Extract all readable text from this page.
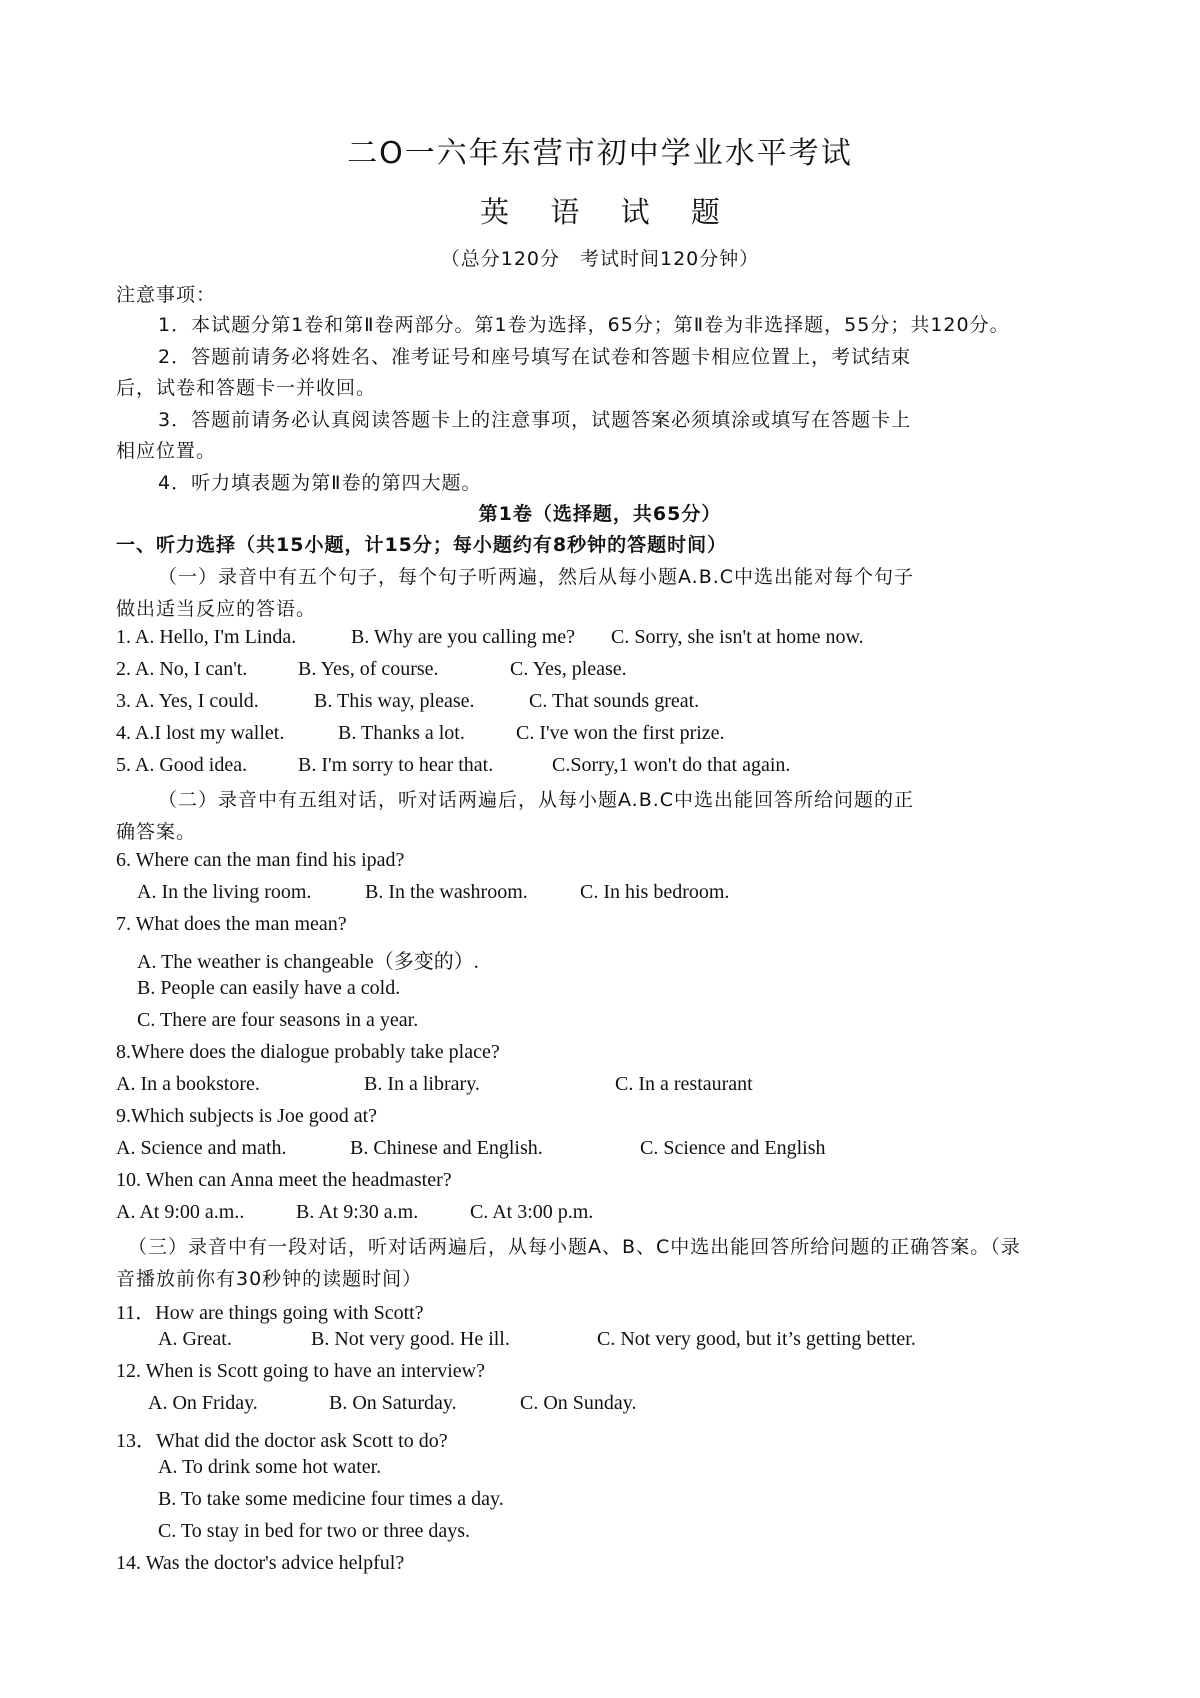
二O一六年东营市初中学业水平考试
英 语 试 题
（总分120分　考试时间120分钟）
注意事项：
1．本试题分第1卷和第Ⅱ卷两部分。第1卷为选择，65分；第Ⅱ卷为非选择题，55分；共120分。
2．答题前请务必将姓名、准考证号和座号填写在试卷和答题卡相应位置上，考试结束
后，试卷和答题卡一并收回。
3．答题前请务必认真阅读答题卡上的注意事项，试题答案必须填涂或填写在答题卡上
相应位置。
4．听力填表题为第Ⅱ卷的第四大题。
第1卷（选择题，共65分）
一、听力选择（共15小题，计15分；每小题约有8秒钟的答题时间）
（一）录音中有五个句子，每个句子听两遍，然后从每小题A.B.C中选出能对每个句子
做出适当反应的答语。
1. A. Hello, I'm Linda.	B. Why are you calling me? C. Sorry, she isn't at home now.
2. A. No, I can't.	B. Yes, of course.	C. Yes, please.
3. A. Yes, I could.	B. This way, please.	C. That sounds great.
4. A.I lost my wallet.	B. Thanks a lot.	C. I've won the first prize.
5. A. Good idea.	B. I'm sorry to hear that.	C.Sorry,1 won't do that again.
（二）录音中有五组对话，听对话两遍后，从每小题A.B.C中选出能回答所给问题的正
确答案。
6. Where can the man find his ipad?
A. In the living room.	B. In the washroom.	C. In his bedroom.
7. What does the man mean?
A. The weather is changeable（多变的）.
B. People can easily have a cold.
C. There are four seasons in a year.
8.Where does the dialogue probably take place?
A. In a bookstore.	B. In a library.	C. In a restaurant
9.Which subjects is Joe good at?
A. Science and math.	B. Chinese and English.	C. Science and English
10. When can Anna meet the headmaster?
A. At 9:00 a.m..	B. At 9:30 a.m.	C. At 3:00 p.m.
（三）录音中有一段对话，听对话两遍后，从每小题A、B、C中选出能回答所给问题的正确答案。（录
音播放前你有30秒钟的读题时间）
11．How are things going with Scott?
A. Great.	B. Not very good. He ill.	C. Not very good, but it’s getting better.
12. When is Scott going to have an interview?
A. On Friday.	B. On Saturday.	C. On Sunday.
13．What did the doctor ask Scott to do?
A. To drink some hot water.
B. To take some medicine four times a day.
C. To stay in bed for two or three days.
14. Was the doctor's advice helpful?
